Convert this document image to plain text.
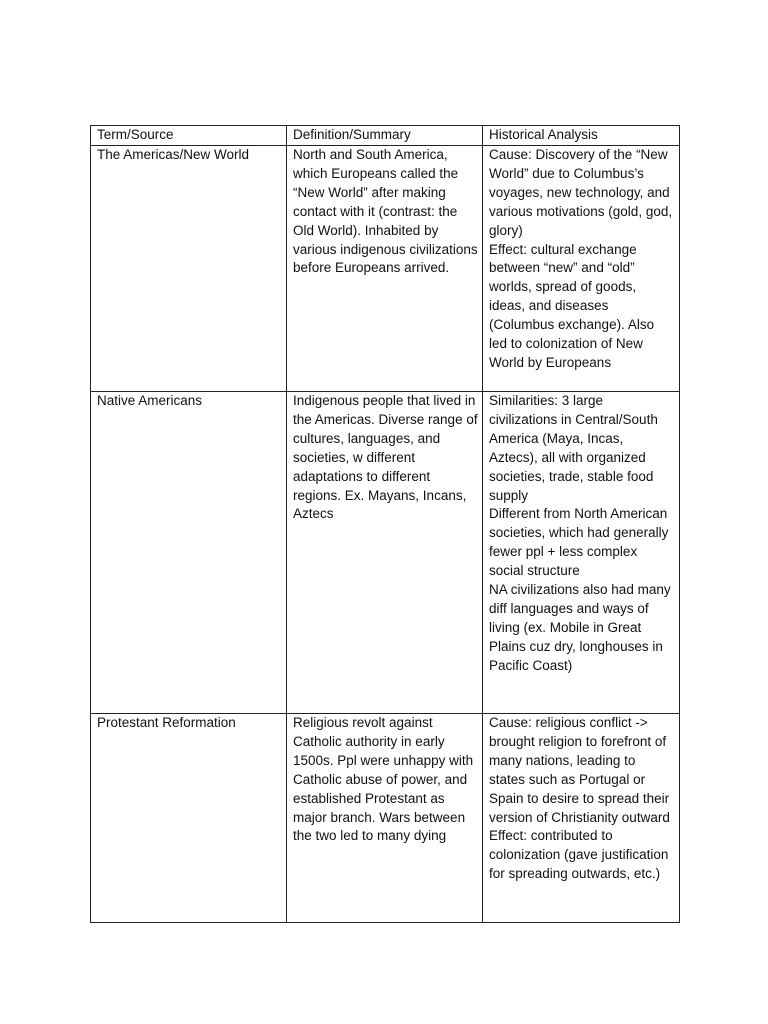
Term/Source	Definition/Summary	Historical Analysis
The Americas/New World	North and South America, which Europeans called the “New World” after making contact with it (contrast: the Old World). Inhabited by various indigenous civilizations before Europeans arrived.	Cause: Discovery of the “New World” due to Columbus’s voyages, new technology, and various motivations (gold, god, glory)
Effect: cultural exchange between “new” and “old” worlds, spread of goods, ideas, and diseases (Columbus exchange). Also led to colonization of New World by Europeans

Native Americans	Indigenous people that lived in the Americas. Diverse range of cultures, languages, and societies, w different adaptations to different regions. Ex. Mayans, Incans, Aztecs	Similarities: 3 large civilizations in Central/South America (Maya, Incas, Aztecs), all with organized societies, trade, stable food supply
Different from North American societies, which had generally fewer ppl + less complex social structure
NA civilizations also had many diff languages and ways of living (ex. Mobile in Great Plains cuz dry, longhouses in Pacific Coast)

Protestant Reformation	Religious revolt against Catholic authority in early 1500s. Ppl were unhappy with Catholic abuse of power, and established Protestant as major branch. Wars between the two led to many dying	Cause: religious conflict -> brought religion to forefront of many nations, leading to states such as Portugal or Spain to desire to spread their version of Christianity outward
Effect: contributed to colonization (gave justification for spreading outwards, etc.)
